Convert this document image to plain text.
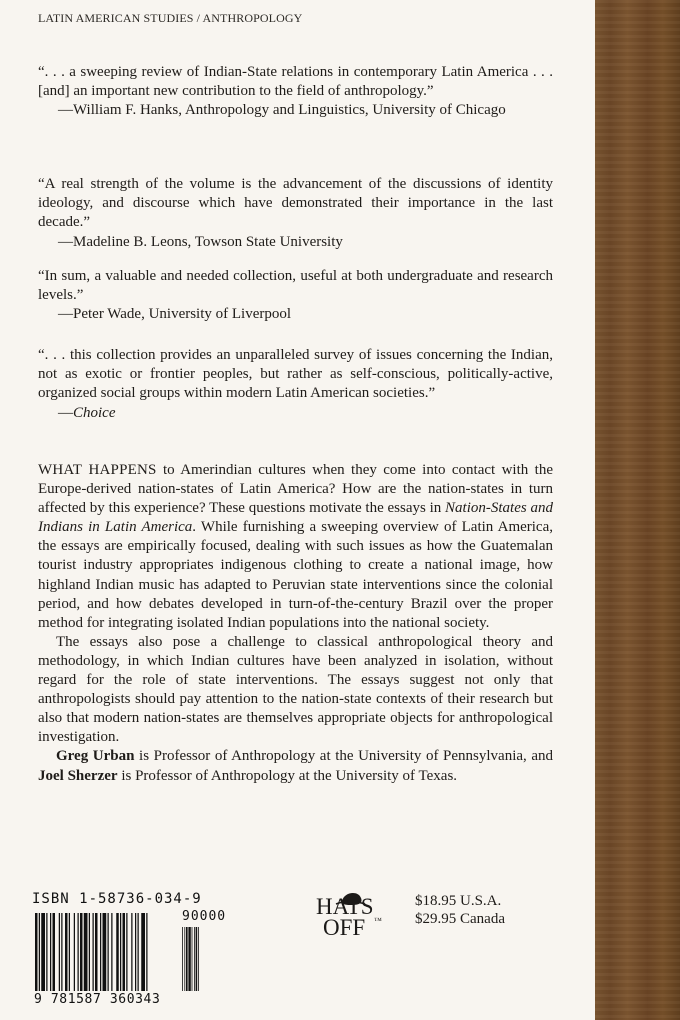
LATIN AMERICAN STUDIES / ANTHROPOLOGY

“. . . a sweeping review of Indian-State relations in contemporary Latin America . . . [and] an important new contribution to the field of anthropology.”

—William F. Hanks, Anthropology and Linguistics, University of Chicago

“A real strength of the volume is the advancement of the discussions of identity ideology, and discourse which have demonstrated their importance in the last decade.”

—Madeline B. Leons, Towson State University

“In sum, a valuable and needed collection, useful at both undergraduate and research levels.”

—Peter Wade, University of Liverpool

“. . . this collection provides an unparalleled survey of issues concerning the Indian, not as exotic or frontier peoples, but rather as self-conscious, politically-active, organized social groups within modern Latin American societies.”

—Choice

WHAT HAPPENS to Amerindian cultures when they come into contact with the Europe-derived nation-states of Latin America? How are the nation-states in turn affected by this experience? These questions motivate the essays in Nation-States and Indians in Latin America. While furnishing a sweeping overview of Latin America, the essays are empirically focused, dealing with such issues as how the Guatemalan tourist industry appropriates indigenous clothing to create a national image, how highland Indian music has adapted to Peruvian state interventions since the colonial period, and how debates developed in turn-of-the-century Brazil over the proper method for integrating isolated Indian populations into the national society.

The essays also pose a challenge to classical anthropological theory and methodology, in which Indian cultures have been analyzed in isolation, without regard for the role of state interventions. The essays suggest not only that anthropologists should pay attention to the nation-state contexts of their research but also that modern nation-states are themselves appropriate objects for anthropological investigation.

Greg Urban is Professor of Anthropology at the University of Pennsylvania, and Joel Sherzer is Professor of Anthropology at the University of Texas.

ISBN 1-58736-034-9
90000
9 781587 360343
HATS
OFF ™
$18.95 U.S.A.
$29.95 Canada
